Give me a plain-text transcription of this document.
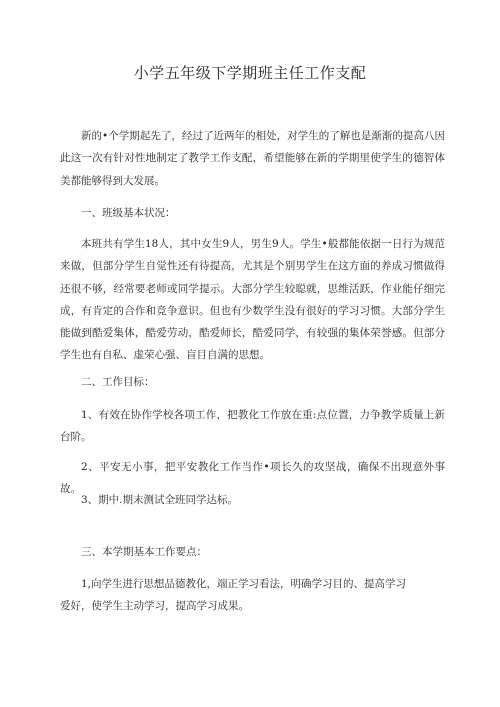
小学五年级下学期班主任工作支配

新的•个学期起先了，经过了近两年的相处，对学生的了解也是渐渐的提高八因此这一次有针对性地制定了教学工作支配，希望能够在新的学期里使学生的德智体美都能够得到大发展。

一、班级基本状况：

本班共有学生18人，其中女生9人，男生9人。学生•般都能依据一日行为规范来做，但部分学生自觉性还有待提高，尤其是个别男学生在这方面的养成习惯做得还很不够，经常要老师或同学提示。大部分学生较聪就，思维活跃，作业能仔细完成，有肯定的合作和竞争意识。但也有少数学生没有很好的学习习惯。大部分学生能做到酷爱集体，酷爱劳动，酷爱师长，酷爱同学，有较强的集体荣誉感。但部分学生也有自私、虚荣心强、盲目自满的思想。

二、工作目标：

1、有效在协作学校各项工作，把教化工作放在重:点位置，力争教学质量上新台阶。

2、平安无小事，把平安教化工作当作•项长久的攻坚战，确保不出现意外事故。

3、期中.期末测试全班同学达标。

三、本学期基本工作要点：

1,向学生进行思想品德教化，端正学习看法，明确学习目的、提高学习

爱好，使学生主动学习，提高学习成果。
